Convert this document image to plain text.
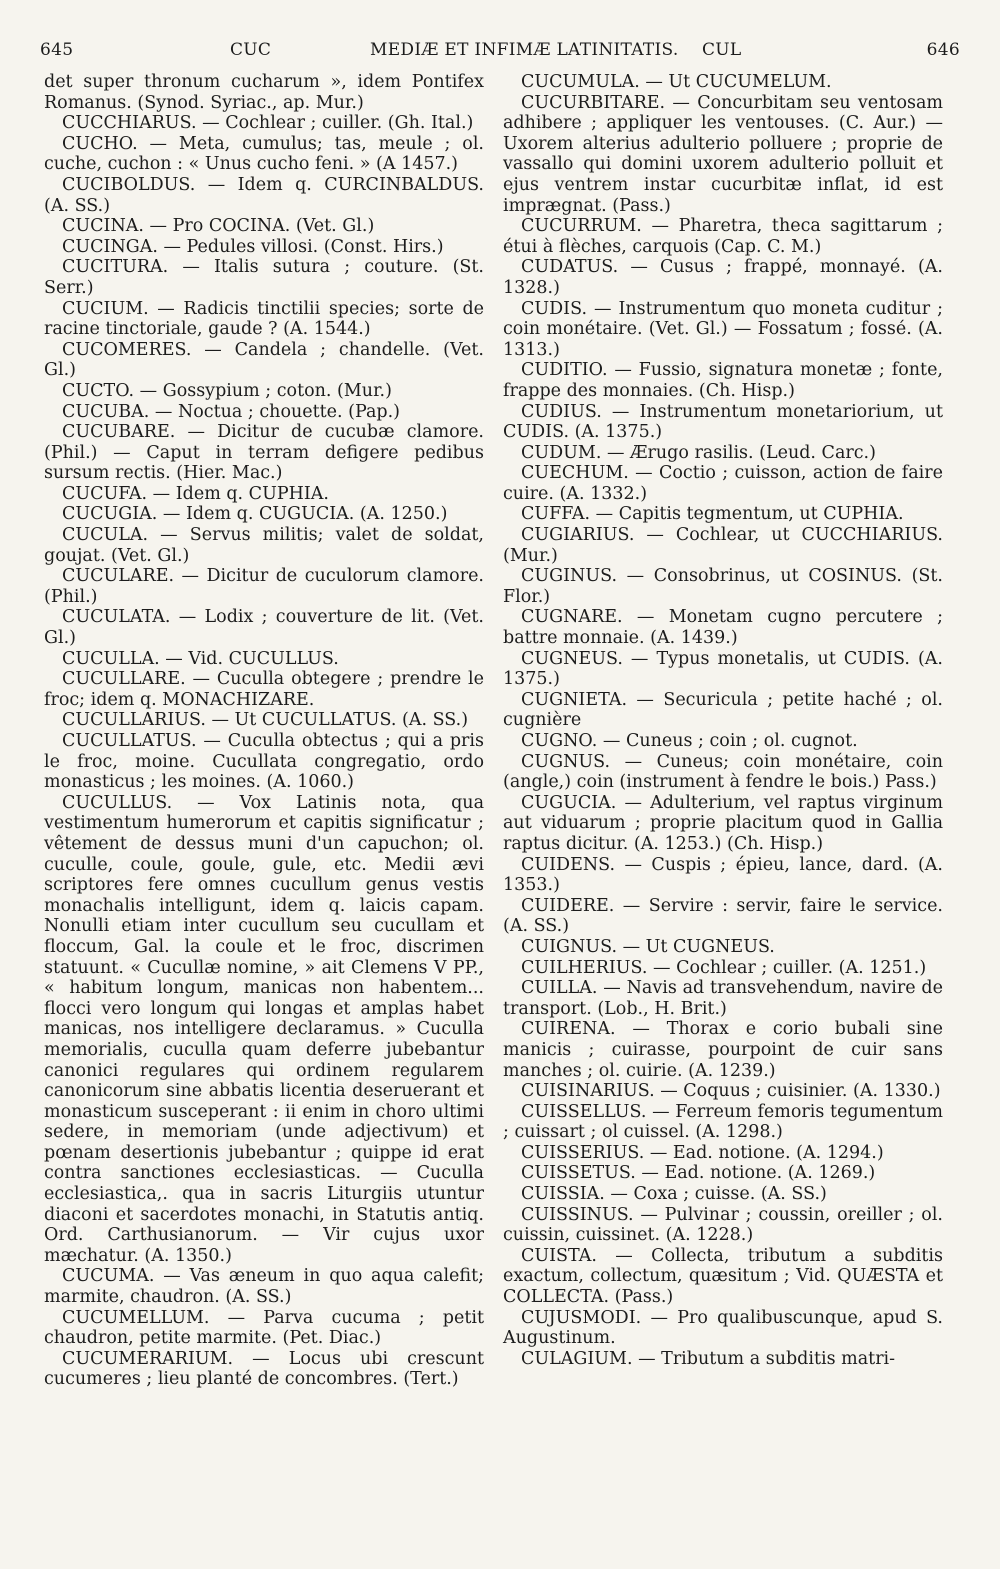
645	CUC	MEDIÆ ET INFIMÆ LATINITATIS. CUL	646

det super thronum cucharum », idem Pontifex Romanus. (Synod. Syriac., ap. Mur.)

CUCCHIARUS. — Cochlear ; cuiller. (Gh. Ital.)

CUCHO. — Meta, cumulus; tas, meule ; ol. cuche, cuchon : « Unus cucho feni. » (A 1457.)

CUCIBOLDUS. — Idem q. CURCINBALDUS. (A. SS.)

CUCINA. — Pro COCINA. (Vet. Gl.)

CUCINGA. — Pedules villosi. (Const. Hirs.)

CUCITURA. — Italis sutura ; couture. (St. Serr.)

CUCIUM. — Radicis tinctilii species; sorte de racine tinctoriale, gaude ? (A. 1544.)

CUCOMERES. — Candela ; chandelle. (Vet. Gl.)

CUCTO. — Gossypium ; coton. (Mur.)

CUCUBA. — Noctua ; chouette. (Pap.)

CUCUBARE. — Dicitur de cucubæ clamore. (Phil.) — Caput in terram defigere pedibus sursum rectis. (Hier. Mac.)

CUCUFA. — Idem q. CUPHIA.

CUCUGIA. — Idem q. CUGUCIA. (A. 1250.)

CUCULA. — Servus militis; valet de soldat, goujat. (Vet. Gl.)

CUCULARE. — Dicitur de cuculorum clamore. (Phil.)

CUCULATA. — Lodix ; couverture de lit. (Vet. Gl.)

CUCULLA. — Vid. CUCULLUS.

CUCULLARE. — Cuculla obtegere ; prendre le froc; idem q. MONACHIZARE.

CUCULLARIUS. — Ut CUCULLATUS. (A. SS.)

CUCULLATUS. — Cuculla obtectus ; qui a pris le froc, moine. Cucullata congregatio, ordo monasticus ; les moines. (A. 1060.)

CUCULLUS. — Vox Latinis nota, qua vestimentum humerorum et capitis significatur ; vêtement de dessus muni d'un capuchon; ol. cuculle, coule, goule, gule, etc. Medii ævi scriptores fere omnes cucullum genus vestis monachalis intelligunt, idem q. laicis capam. Nonulli etiam inter cucullum seu cucullam et floccum, Gal. la coule et le froc, discrimen statuunt. « Cucullæ nomine, » ait Clemens V PP., « habitum longum, manicas non habentem... flocci vero longum qui longas et amplas habet manicas, nos intelligere declaramus. » Cuculla memorialis, cuculla quam deferre jubebantur canonici regulares qui ordinem regularem canonicorum sine abbatis licentia deseruerant et monasticum susceperant : ii enim in choro ultimi sedere, in memoriam (unde adjectivum) et pœnam desertionis jubebantur ; quippe id erat contra sanctiones ecclesiasticas. — Cuculla ecclesiastica,. qua in sacris Liturgiis utuntur diaconi et sacerdotes monachi, in Statutis antiq. Ord. Carthusianorum. — Vir cujus uxor mæchatur. (A. 1350.)

CUCUMA. — Vas æneum in quo aqua calefit; marmite, chaudron. (A. SS.)

CUCUMELLUM. — Parva cucuma ; petit chaudron, petite marmite. (Pet. Diac.)

CUCUMERARIUM. — Locus ubi crescunt cucumeres ; lieu planté de concombres. (Tert.)

CUCUMULA. — Ut CUCUMELUM.

CUCURBITARE. — Concurbitam seu ventosam adhibere ; appliquer les ventouses. (C. Aur.) — Uxorem alterius adulterio polluere ; proprie de vassallo qui domini uxorem adulterio polluit et ejus ventrem instar cucurbitæ inflat, id est imprægnat. (Pass.)

CUCURRUM. — Pharetra, theca sagittarum ; étui à flèches, carquois (Cap. C. M.)

CUDATUS. — Cusus ; frappé, monnayé. (A. 1328.)

CUDIS. — Instrumentum quo moneta cuditur ; coin monétaire. (Vet. Gl.) — Fossatum ; fossé. (A. 1313.)

CUDITIO. — Fussio, signatura monetæ ; fonte, frappe des monnaies. (Ch. Hisp.)

CUDIUS. — Instrumentum monetariorium, ut CUDIS. (A. 1375.)

CUDUM. — Ærugo rasilis. (Leud. Carc.)

CUECHUM. — Coctio ; cuisson, action de faire cuire. (A. 1332.)

CUFFA. — Capitis tegmentum, ut CUPHIA.

CUGIARIUS. — Cochlear, ut CUCCHIARIUS. (Mur.)

CUGINUS. — Consobrinus, ut COSINUS. (St. Flor.)

CUGNARE. — Monetam cugno percutere ; battre monnaie. (A. 1439.)

CUGNEUS. — Typus monetalis, ut CUDIS. (A. 1375.)

CUGNIETA. — Securicula ; petite haché ; ol. cugnière

CUGNO. — Cuneus ; coin ; ol. cugnot.

CUGNUS. — Cuneus; coin monétaire, coin (angle,) coin (instrument à fendre le bois.) Pass.)

CUGUCIA. — Adulterium, vel raptus virginum aut viduarum ; proprie placitum quod in Gallia raptus dicitur. (A. 1253.) (Ch. Hisp.)

CUIDENS. — Cuspis ; épieu, lance, dard. (A. 1353.)

CUIDERE. — Servire : servir, faire le service. (A. SS.)

CUIGNUS. — Ut CUGNEUS.

CUILHERIUS. — Cochlear ; cuiller. (A. 1251.)

CUILLA. — Navis ad transvehendum, navire de transport. (Lob., H. Brit.)

CUIRENA. — Thorax e corio bubali sine manicis ; cuirasse, pourpoint de cuir sans manches ; ol. cuirie. (A. 1239.)

CUISINARIUS. — Coquus ; cuisinier. (A. 1330.)

CUISSELLUS. — Ferreum femoris tegumentum ; cuissart ; ol cuissel. (A. 1298.)

CUISSERIUS. — Ead. notione. (A. 1294.)

CUISSETUS. — Ead. notione. (A. 1269.)

CUISSIA. — Coxa ; cuisse. (A. SS.)

CUISSINUS. — Pulvinar ; coussin, oreiller ; ol. cuissin, cuissinet. (A. 1228.)

CUISTA. — Collecta, tributum a subditis exactum, collectum, quæsitum ; Vid. QUÆSTA et COLLECTA. (Pass.)

CUJUSMODI. — Pro qualibuscunque, apud S. Augustinum.

CULAGIUM. — Tributum a subditis matri-
